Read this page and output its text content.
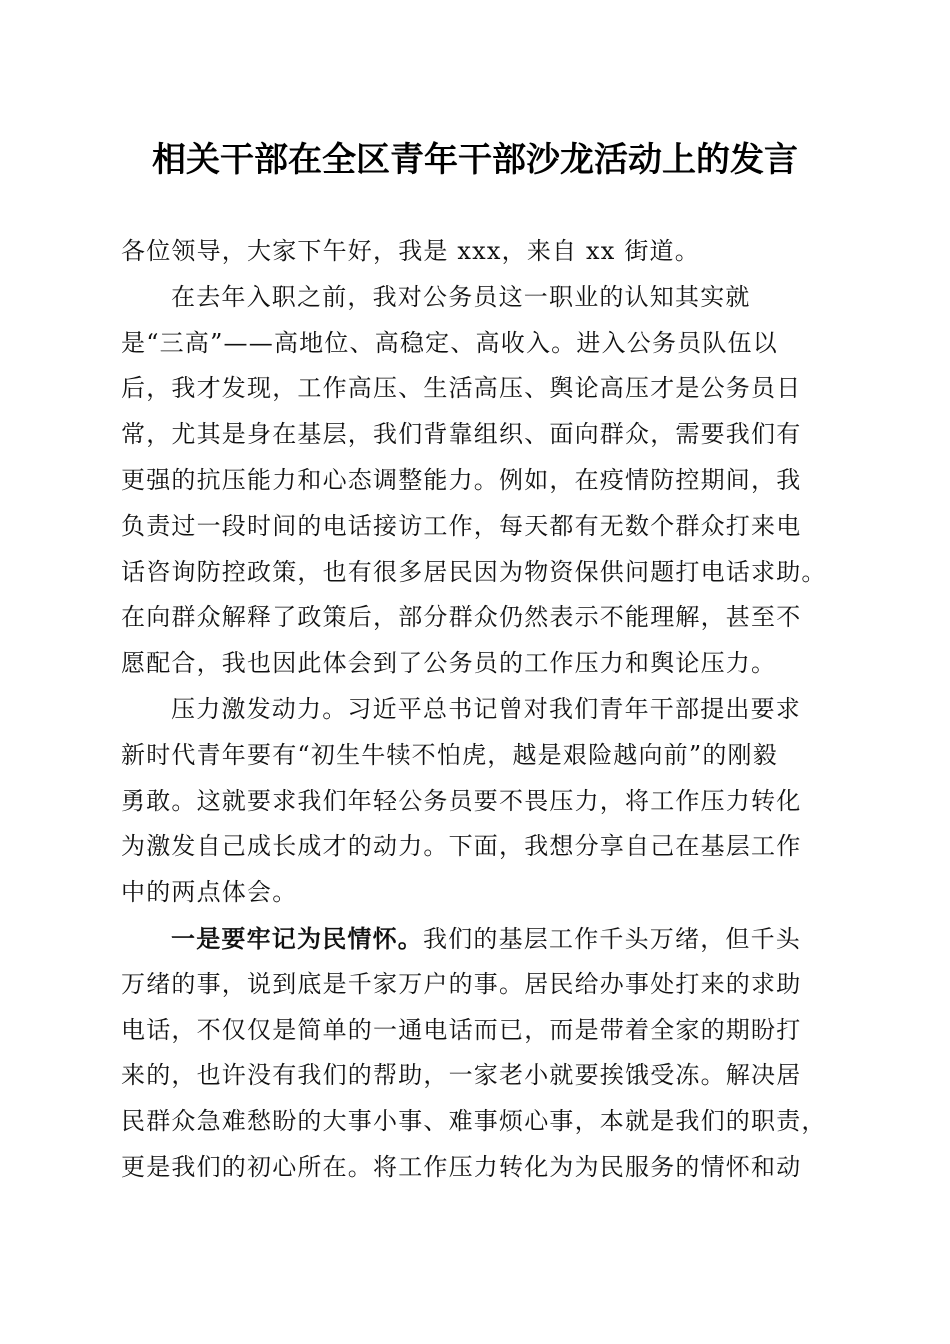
相关干部在全区青年干部沙龙活动上的发言
各位领导，大家下午好，我是 xxx，来自 xx 街道。
在去年入职之前，我对公务员这一职业的认知其实就
是“三高”——高地位、高稳定、高收入。进入公务员队伍以
后，我才发现，工作高压、生活高压、舆论高压才是公务员日
常，尤其是身在基层，我们背靠组织、面向群众，需要我们有
更强的抗压能力和心态调整能力。例如，在疫情防控期间，我
负责过一段时间的电话接访工作，每天都有无数个群众打来电
话咨询防控政策，也有很多居民因为物资保供问题打电话求助。
在向群众解释了政策后，部分群众仍然表示不能理解，甚至不
愿配合，我也因此体会到了公务员的工作压力和舆论压力。
压力激发动力。习近平总书记曾对我们青年干部提出要求
新时代青年要有“初生牛犊不怕虎，越是艰险越向前”的刚毅
勇敢。这就要求我们年轻公务员要不畏压力，将工作压力转化
为激发自己成长成才的动力。下面，我想分享自己在基层工作
中的两点体会。
一是要牢记为民情怀。我们的基层工作千头万绪，但千头
万绪的事，说到底是千家万户的事。居民给办事处打来的求助
电话，不仅仅是简单的一通电话而已，而是带着全家的期盼打
来的，也许没有我们的帮助，一家老小就要挨饿受冻。解决居
民群众急难愁盼的大事小事、难事烦心事，本就是我们的职责，
更是我们的初心所在。将工作压力转化为为民服务的情怀和动
